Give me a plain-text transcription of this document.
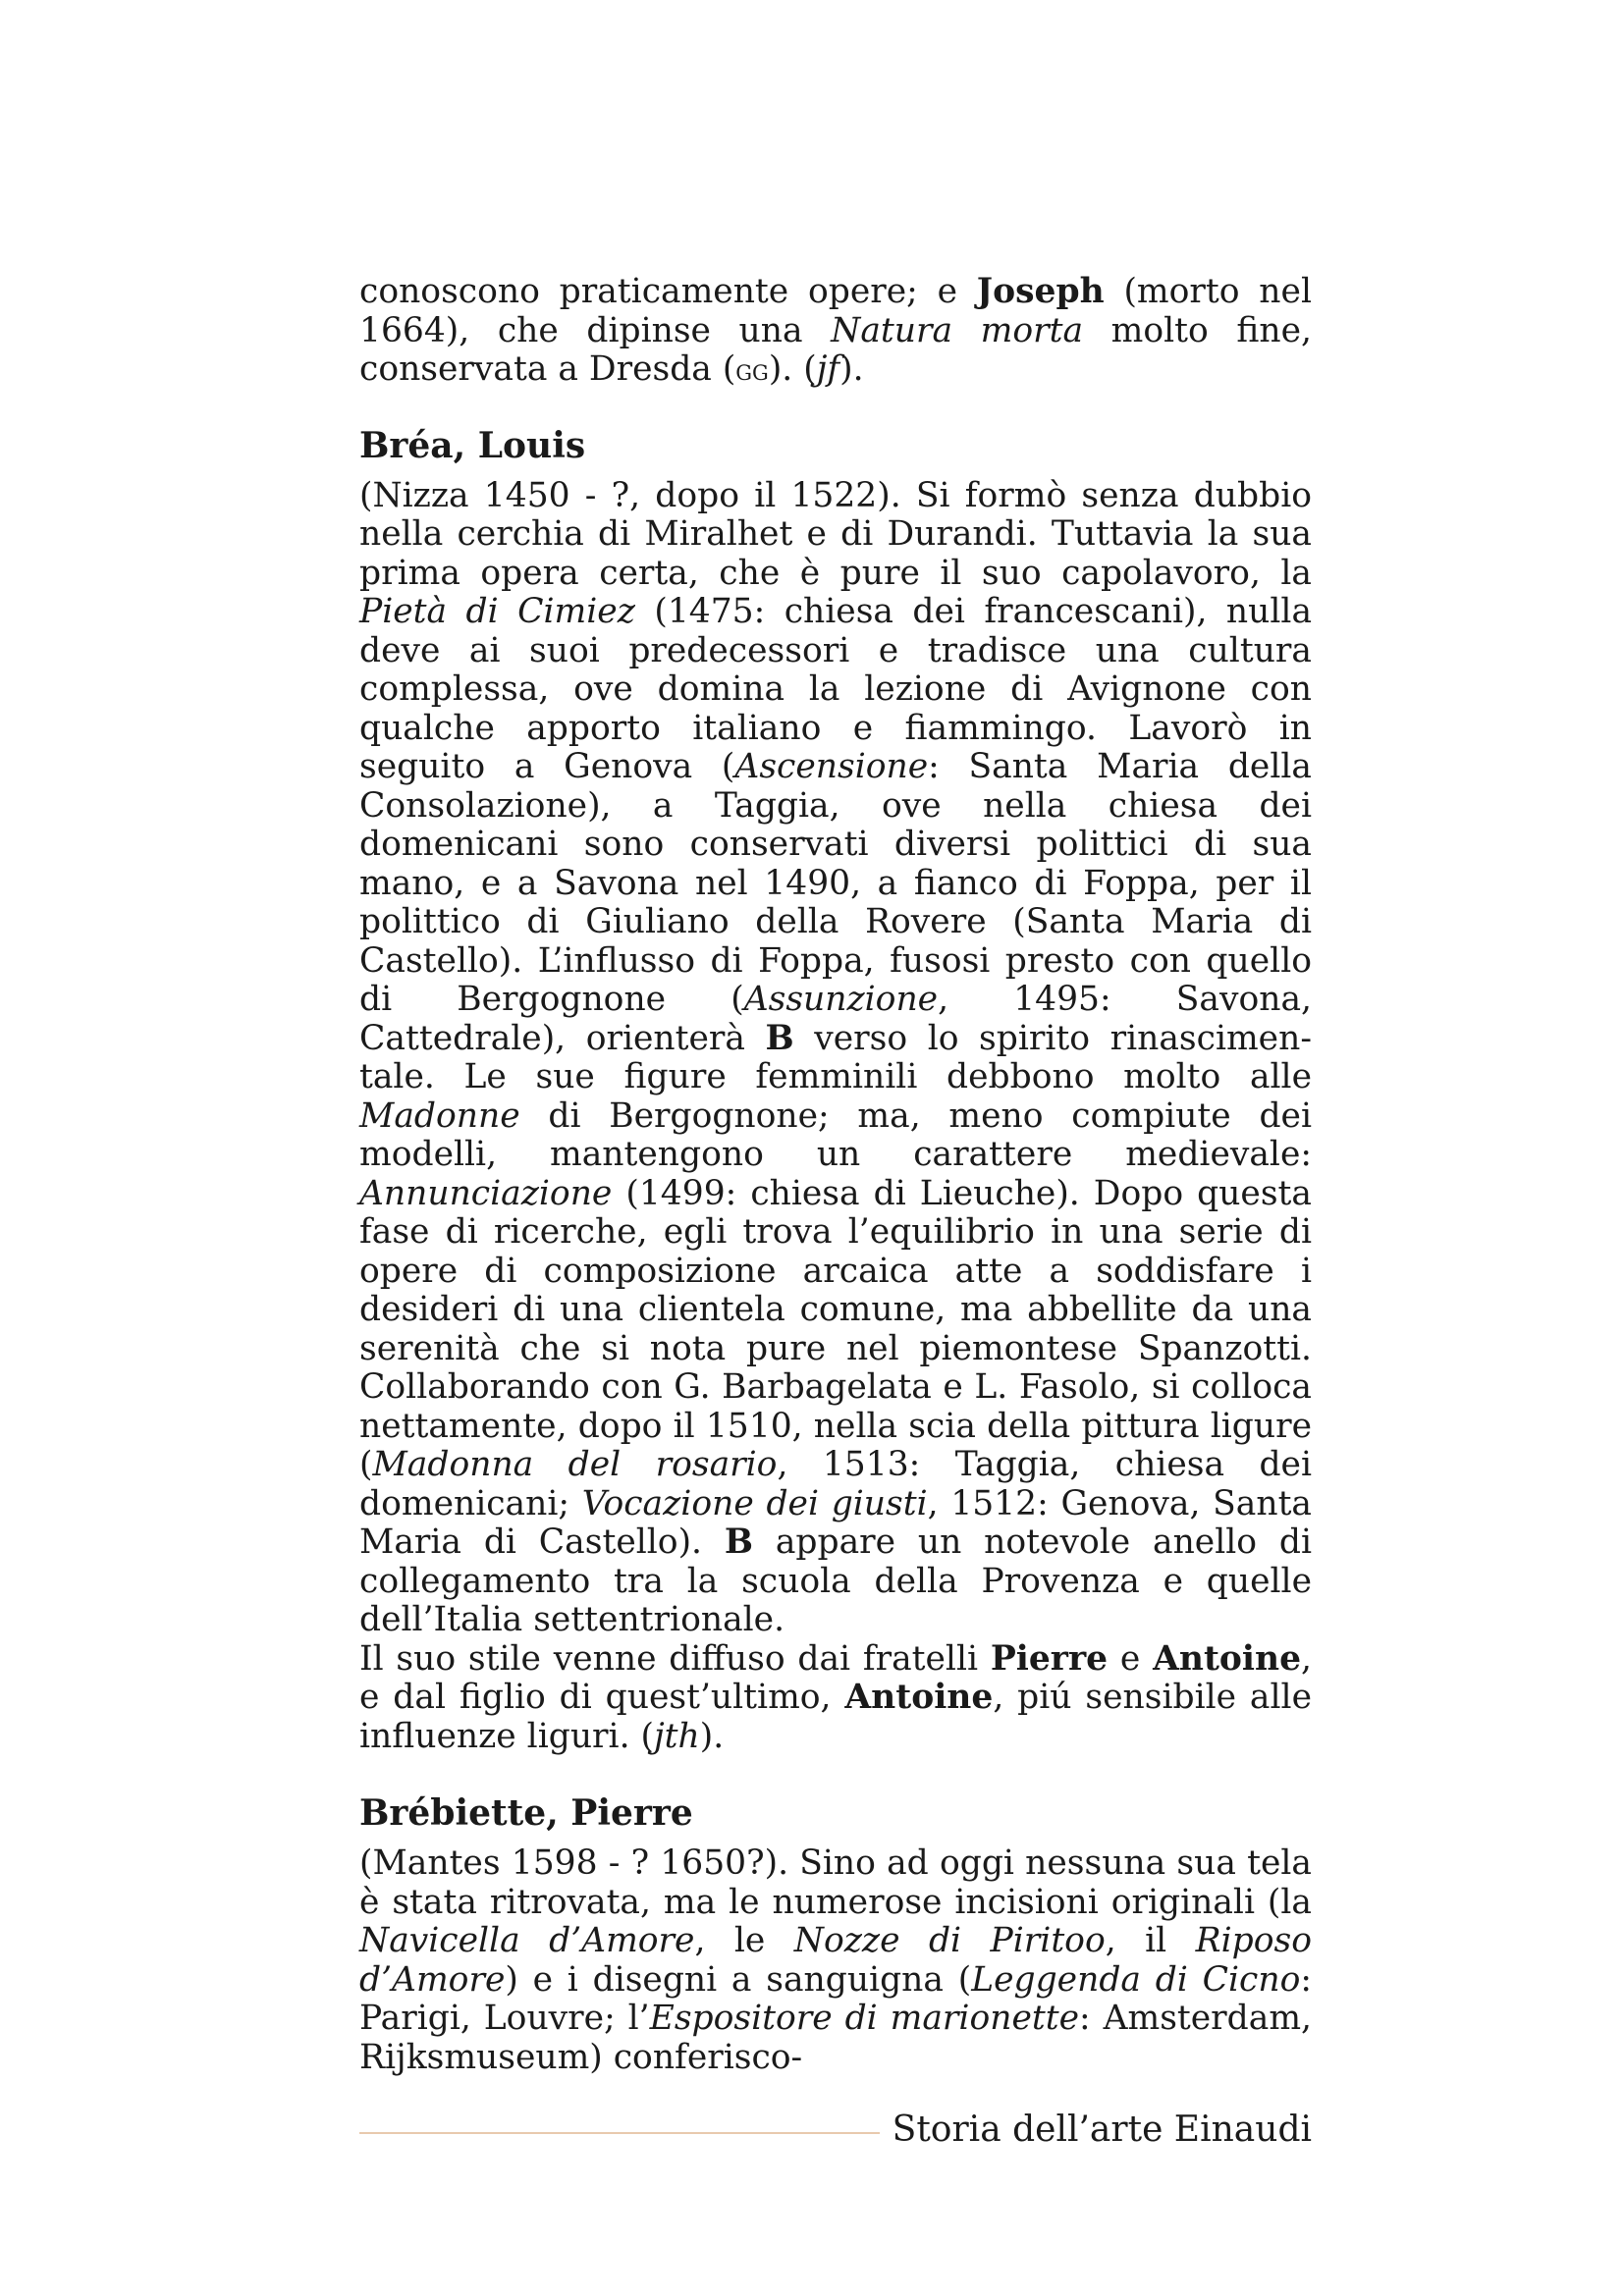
conoscono praticamente opere; e Joseph (morto nel 1664), che dipinse una Natura morta molto fine, conservata a Dresda (gg). (jf).

Bréa, Louis

(Nizza 1450 - ?, dopo il 1522). Si formò senza dubbio nella cerchia di Miralhet e di Durandi. Tuttavia la sua prima opera certa, che è pure il suo capolavoro, la Pietà di Cimiez (1475: chiesa dei francescani), nulla deve ai suoi predecessori e tradisce una cultura complessa, ove domina la lezione di Avignone con qualche apporto italiano e fiammingo. Lavorò in seguito a Genova (Ascensione: Santa Maria della Consolazione), a Taggia, ove nella chiesa dei domenicani sono conservati diversi polittici di sua mano, e a Savona nel 1490, a fianco di Foppa, per il polittico di Giuliano della Rovere (Santa Maria di Castello). L’influsso di Foppa, fusosi presto con quello di Bergognone (Assunzione, 1495: Savona, Cattedrale), orienterà B verso lo spirito rinascimentale. Le sue figure femminili debbono molto alle Madonne di Bergognone; ma, meno compiute dei modelli, mantengono un carattere medievale: Annunciazione (1499: chiesa di Lieuche). Dopo questa fase di ricerche, egli trova l’equilibrio in una serie di opere di composizione arcaica atte a soddisfare i desideri di una clientela comune, ma abbellite da una serenità che si nota pure nel piemontese Spanzotti. Collaborando con G. Barbagelata e L. Fasolo, si colloca nettamente, dopo il 1510, nella scia della pittura ligure (Madonna del rosario, 1513: Taggia, chiesa dei domenicani; Vocazione dei giusti, 1512: Genova, Santa Maria di Castello). B appare un notevole anello di collegamento tra la scuola della Provenza e quelle dell’Italia settentrionale.

Il suo stile venne diffuso dai fratelli Pierre e Antoine, e dal figlio di quest’ultimo, Antoine, piú sensibile alle influenze liguri. (jth).

Brébiette, Pierre

(Mantes 1598 - ? 1650?). Sino ad oggi nessuna sua tela è stata ritrovata, ma le numerose incisioni originali (la Navicella d’Amore, le Nozze di Piritoo, il Riposo d’Amore) e i disegni a sanguigna (Leggenda di Cicno: Parigi, Louvre; l’Espositore di marionette: Amsterdam, Rijksmuseum) conferisco-

Storia dell’arte Einaudi
